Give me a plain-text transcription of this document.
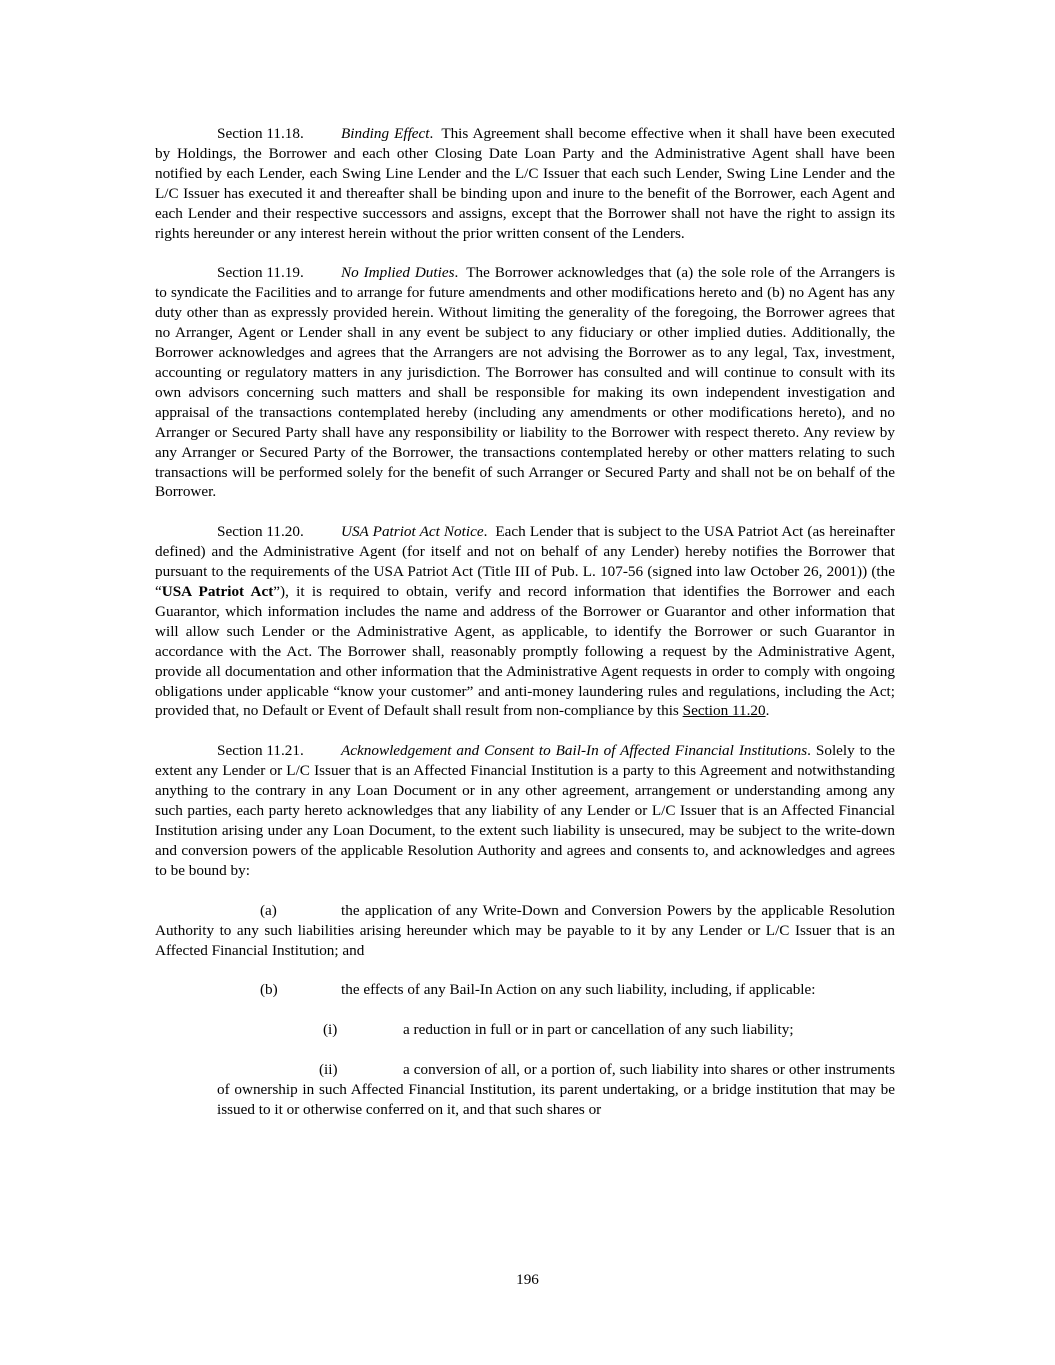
Section 11.18. Binding Effect. This Agreement shall become effective when it shall have been executed by Holdings, the Borrower and each other Closing Date Loan Party and the Administrative Agent shall have been notified by each Lender, each Swing Line Lender and the L/C Issuer that each such Lender, Swing Line Lender and the L/C Issuer has executed it and thereafter shall be binding upon and inure to the benefit of the Borrower, each Agent and each Lender and their respective successors and assigns, except that the Borrower shall not have the right to assign its rights hereunder or any interest herein without the prior written consent of the Lenders.

Section 11.19. No Implied Duties. The Borrower acknowledges that (a) the sole role of the Arrangers is to syndicate the Facilities and to arrange for future amendments and other modifications hereto and (b) no Agent has any duty other than as expressly provided herein. Without limiting the generality of the foregoing, the Borrower agrees that no Arranger, Agent or Lender shall in any event be subject to any fiduciary or other implied duties. Additionally, the Borrower acknowledges and agrees that the Arrangers are not advising the Borrower as to any legal, Tax, investment, accounting or regulatory matters in any jurisdiction. The Borrower has consulted and will continue to consult with its own advisors concerning such matters and shall be responsible for making its own independent investigation and appraisal of the transactions contemplated hereby (including any amendments or other modifications hereto), and no Arranger or Secured Party shall have any responsibility or liability to the Borrower with respect thereto. Any review by any Arranger or Secured Party of the Borrower, the transactions contemplated hereby or other matters relating to such transactions will be performed solely for the benefit of such Arranger or Secured Party and shall not be on behalf of the Borrower.

Section 11.20. USA Patriot Act Notice. Each Lender that is subject to the USA Patriot Act (as hereinafter defined) and the Administrative Agent (for itself and not on behalf of any Lender) hereby notifies the Borrower that pursuant to the requirements of the USA Patriot Act (Title III of Pub. L. 107-56 (signed into law October 26, 2001)) (the “USA Patriot Act”), it is required to obtain, verify and record information that identifies the Borrower and each Guarantor, which information includes the name and address of the Borrower or Guarantor and other information that will allow such Lender or the Administrative Agent, as applicable, to identify the Borrower or such Guarantor in accordance with the Act. The Borrower shall, reasonably promptly following a request by the Administrative Agent, provide all documentation and other information that the Administrative Agent requests in order to comply with ongoing obligations under applicable “know your customer” and anti-money laundering rules and regulations, including the Act; provided that, no Default or Event of Default shall result from non-compliance by this Section 11.20.

Section 11.21. Acknowledgement and Consent to Bail-In of Affected Financial Institutions. Solely to the extent any Lender or L/C Issuer that is an Affected Financial Institution is a party to this Agreement and notwithstanding anything to the contrary in any Loan Document or in any other agreement, arrangement or understanding among any such parties, each party hereto acknowledges that any liability of any Lender or L/C Issuer that is an Affected Financial Institution arising under any Loan Document, to the extent such liability is unsecured, may be subject to the write-down and conversion powers of the applicable Resolution Authority and agrees and consents to, and acknowledges and agrees to be bound by:

(a)	the application of any Write-Down and Conversion Powers by the applicable Resolution Authority to any such liabilities arising hereunder which may be payable to it by any Lender or L/C Issuer that is an Affected Financial Institution; and

(b)	the effects of any Bail-In Action on any such liability, including, if applicable:

(i)	a reduction in full or in part or cancellation of any such liability;

(ii)	a conversion of all, or a portion of, such liability into shares or other instruments of ownership in such Affected Financial Institution, its parent undertaking, or a bridge institution that may be issued to it or otherwise conferred on it, and that such shares or

196
